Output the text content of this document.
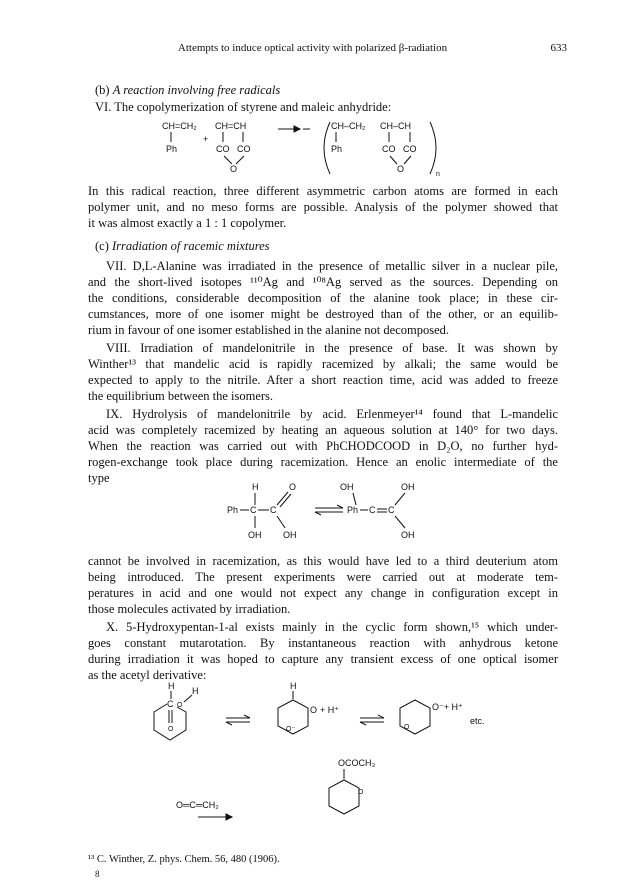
Attempts to induce optical activity with polarized β-radiation	633
(b) A reaction involving free radicals
VI. The copolymerization of styrene and maleic anhydride:
CH=CH₂
Ph
+
CH=CH
CO CO
O
CH–CH₂ CH–CH
Ph	CO CO
O
n
In this radical reaction, three different asymmetric carbon atoms are formed in each
polymer unit, and no meso forms are possible. Analysis of the polymer showed that
it was almost exactly a 1 : 1 copolymer.
(c) Irradiation of racemic mixtures
VII. D,L-Alanine was irradiated in the presence of metallic silver in a nuclear pile,
and the short-lived isotopes ¹¹⁰Ag and ¹⁰⁸Ag served as the sources. Depending on
the conditions, considerable decomposition of the alanine took place; in these cir-
cumstances, more of one isomer might be destroyed than of the other, or an equilib-
rium in favour of one isomer established in the alanine not decomposed.
VIII. Irradiation of mandelonitrile in the presence of base. It was shown by
Winther¹³ that mandelic acid is rapidly racemized by alkali; the same would be
expected to apply to the nitrile. After a short reaction time, acid was added to freeze
the equilibrium between the isomers.
IX. Hydrolysis of mandelonitrile by acid. Erlenmeyer¹⁴ found that L-mandelic
acid was completely racemized by heating an aqueous solution at 140° for two days.
When the reaction was carried out with PhCHODCOOD in D₂O, no further hyd-
rogen-exchange took place during racemization. Hence an enolic intermediate of the
type
H
Ph C C
O
OH OH
OH
Ph C C
OH
OH
cannot be involved in racemization, as this would have led to a third deuterium atom
being introduced. The present experiments were carried out at moderate tem-
peratures in acid and one would not expect any change in configuration except in
those molecules activated by irradiation.
X. 5-Hydroxypentan-1-al exists mainly in the cyclic form shown,¹⁵ which under-
goes constant mutarotation. By instantaneous reaction with anhydrous ketone
during irradiation it was hoped to capture any transient excess of one optical isomer
as the acetyl derivative:
H
C O
H
O
H
O⁻
O + H⁺
O
O⁻+ H⁺
etc.
OCOCH₃
O
O═C═CH₂
¹³ C. Winther, Z. phys. Chem. 56, 480 (1906).
8
